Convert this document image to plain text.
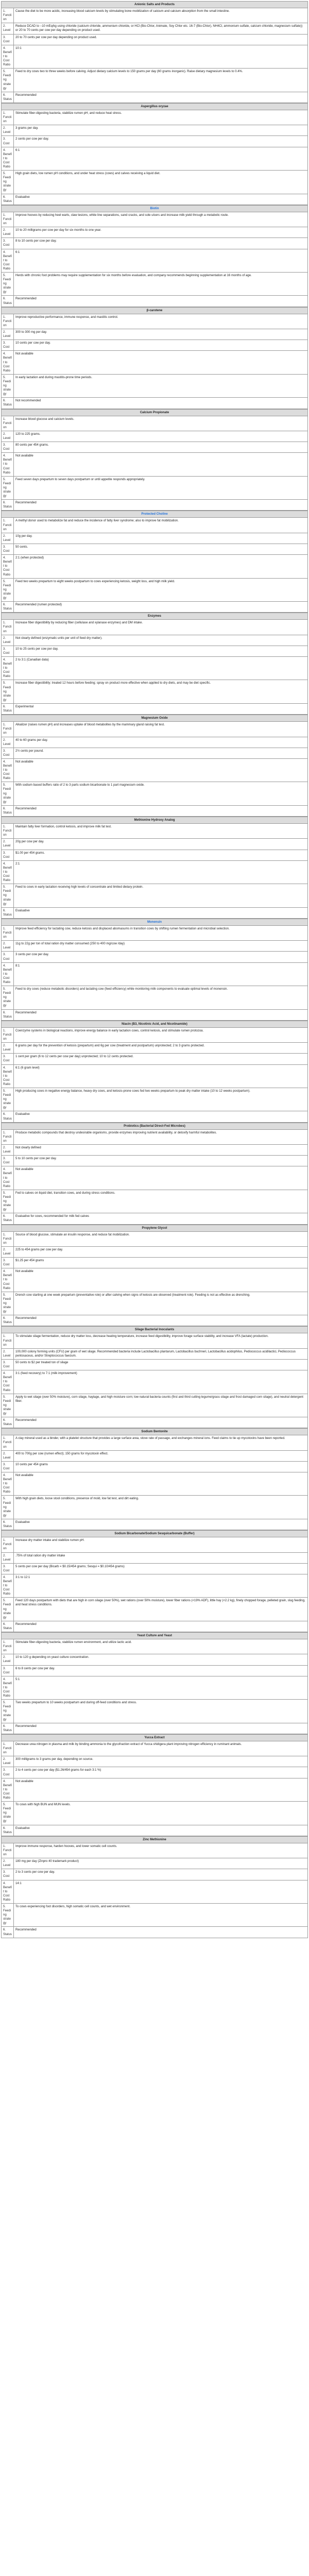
Anionic Salts and Products	
1. Function	Cause the diet to be more acidic, increasing blood calcium levels by stimulating bone mobilization of calcium and calcium absorption from the small intestine.
2. Level	Reduce DCAD to −10 mEq/kg using chloride (calcium chloride, ammonium chloride, or HCl (Bio-Chlor, Animate, Soy Chlor etc. 16-7 (Bio-Chlor), NH4Cl, ammonium sulfate, calcium chloride, magnesium sulfate)) or 20 to 70 cents per cow per day depending on product used.
3. Cost	20 to 70 cents per cow per day depending on product used.
4. Benefit to Cost Ratio	10:1
5. Feeding strategy	Feed to dry cows two to three weeks before calving. Adjust dietary calcium levels to 150 grams per day (60 grams inorganic). Raise dietary magnesium levels to 0.4%.
6. Status	Recommended
Aspergillus oryzae	
1. Function	Stimulate fiber-digesting bacteria, stabilize rumen pH, and reduce heat stress.
2. Level	3 grams per day.
3. Cost	2 cents per cow per day.
4. Benefit to Cost Ratio	6:1
5. Feeding strategy	High grain diets, low rumen pH conditions, and under heat stress (cows) and calves receiving a liquid diet.
6. Status	Evaluative
Biotin	
1. Function	Improve hooves by reducing heel warts, claw lesions, white line separations, sand cracks, and sole ulcers and increase milk yield through a metabolic route.
2. Level	10 to 20 milligrams per cow per day for six months to one year.
3. Cost	8 to 10 cents per cow per day.
4. Benefit to Cost Ratio	6:1
5. Feeding strategy	Herds with chronic foot problems may require supplementation for six months before evaluation, and company recommends beginning supplementation at 16 months of age.
6. Status	Recommended
β-carotene	
1. Function	Improve reproductive performance, immune response, and mastitis control.
2. Level	300 to 300 mg per day.
3. Cost	10 cents per cow per day.
4. Benefit to Cost Ratio	Not available
5. Feeding strategy	In early lactation and during mastitis-prone time periods.
6. Status	Not recommended
Calcium Propionate	
1. Function	Increase blood glucose and calcium levels.
2. Level	120 to 225 grams.
3. Cost	80 cents per 454 grams.
4. Benefit to Cost Ratio	Not available
5. Feeding strategy	Feed seven days prepartum to seven days postpartum or until appetite responds appropriately.
6. Status	Recommended
Protected Choline	
1. Function	A methyl donor used to metabolize fat and reduce the incidence of fatty liver syndrome; also to improve fat mobilization.
2. Level	10g per day.
3. Cost	50 cents.
4. Benefit to Cost Ratio	2:1 (when protected)
5. Feeding strategy	Feed two weeks prepartum to eight weeks postpartum to cows experiencing ketosis, weight loss, and high milk yield.
6. Status	Recommended (rumen protected)
Enzymes	
1. Function	Increase fiber digestibility by reducing fiber (cellulase and xylanase enzymes) and DM intake.
2. Level	Not clearly defined (enzymatic units per unit of feed dry matter).
3. Cost	10 to 25 cents per cow per day.
4. Benefit to Cost Ratio	2 to 3:1 (Canadian data)
5. Feeding strategy	Increase fiber digestibility; treated 12 hours before feeding; spray on product more effective when applied to dry diets, and may be diet specific.
6. Status	Experimental
Magnesium Oxide	
1. Function	Alkalizer (raises rumen pH) and increases uptake of blood metabolites by the mammary gland raising fat test.
2. Level	40 to 60 grams per day.
3. Cost	2½ cents per pound.
4. Benefit to Cost Ratio	Not available
5. Feeding strategy	With sodium based buffers ratio of 2 to 3 parts sodium bicarbonate to 1 part magnesium oxide.
6. Status	Recommended
Methionine Hydroxy Analog	
1. Function	Maintain fatty liver formation, control ketosis, and improve milk fat test.
2. Level	20g per cow per day.
3. Cost	$1.00 per 454 grams.
4. Benefit to Cost Ratio	2:1
5. Feeding strategy	Feed to cows in early lactation receiving high levels of concentrate and limited dietary protein.
6. Status	Evaluative
Monensin	
1. Function	Improve feed efficiency for lactating cow, reduce ketosis and displaced abomasums in transition cows by shifting rumen fermentation and microbial selection.
2. Level	11g to 22g per ton of total ration dry matter consumed (250 to 400 mg/cow /day)
3. Cost	3 cents per cow per day.
4. Benefit to Cost Ratio	8:1
5. Feeding strategy	Feed to dry cows (reduce metabolic disorders) and lactating cow (feed efficiency) while monitoring milk components to evaluate optimal levels of monensin.
6. Status	Recommended
Niacin (B3, Nicotinic Acid, and Nicotinamide)	
1. Function	Coenzyme systems in biological reactions, improve energy balance in early lactation cows, control ketosis, and stimulate rumen protozoa.
2. Level	6 grams per day for the prevention of ketosis (prepartum) and 6g per cow (treatment and postpartum) unprotected; 2 to 3 grams protected.
3. Cost	1 cent per gram (6 to 12 cents per cow per day) unprotected; 10 to 12 cents protected.
4. Benefit to Cost Ratio	6:1 (6 gram level)
5. Feeding strategy	High producing cows in negative energy balance, heavy dry cows, and ketosis-prone cows fed two weeks prepartum to peak dry matter intake (10 to 12 weeks postpartum).
6. Status	Evaluative
Probiotics (Bacterial Direct-Fed Microbes)	
1. Function	Produce metabolic compounds that destroy undesirable organisms, provide enzymes improving nutrient availability, or detoxify harmful metabolites.
2. Level	Not clearly defined
3. Cost	5 to 10 cents per cow per day.
4. Benefit to Cost Ratio	Not available
5. Feeding strategy	Fed to calves on liquid diet, transition cows, and during stress conditions.
6. Status	Evaluative for cows, recommended for milk fed calves
Propylene Glycol	
1. Function	Source of blood glucose, stimulate an insulin response, and reduce fat mobilization.
2. Level	225 to 454 grams per cow per day.
3. Cost	$1.25 per 454 grams
4. Benefit to Cost Ratio	Not available
5. Feeding strategy	Drench cow starting at one week prepartum (preventative role) or after calving when signs of ketosis are observed (treatment role). Feeding is not as effective as drenching.
6. Status	Recommended
Silage Bacterial Inoculants	
1. Function	To stimulate silage fermentation, reduce dry matter loss, decrease heating temperature, increase feed digestibility, improve forage surface stability, and increase VFA (lactate) production.
2. Level	100,000 colony forming units (CFU) per gram of wet silage. Recommended bacteria include Lactobacillus plantarum, Lactobacillus buchneri, Lactobacillus acidophilus, Pediococcus acidilactici, Pediococcus pentosaceus, and/or Streptococcus faecium.
3. Cost	50 cents to $2 per treated ton of silage
4. Benefit to Cost Ratio	3:1 (feed recovery) to 7:1 (milk improvement)
5. Feeding strategy	Apply to wet silage (over 50% moisture), corn silage, haylage, and high moisture corn; low natural bacteria counts (first and third cutting legume/grass silage and frost damaged corn silage), and neutral detergent fiber.
6. Status	Recommended
Sodium Bentonite	
1. Function	A clay mineral used as a binder, with a platelet structure that provides a large surface area, stove rate of passage, and exchanges mineral ions. Feed claims to tie up mycotoxins have been reported.
2. Level	400 to 700g per cow (rumen effect); 150 grams for mycotoxin effect.
3. Cost	10 cents per 454 grams
4. Benefit to Cost Ratio	Not available
5. Feeding strategy	With high grain diets, loose stool conditions, presence of mold, low fat test, and dirt eating.
6. Status	Evaluative
Sodium Bicarbonate/Sodium Sesquicarbonate (Buffer)	
1. Function	Increase dry matter intake and stabilize rumen pH.
2. Level	.75% of total ration dry matter intake
3. Cost	5 cents per cow per day (Bicarb = $0.15/454 grams; Sesqui = $0.10/454 grams)
4. Benefit to Cost Ratio	3:1 to 12:1
5. Feeding strategy	Feed 120 days postpartum with diets that are high in corn silage (over 50%), wet rations (over 50% moisture), lower fiber rations (<19% ADF), little hay (<2.2 kg), finely chopped forage, pelleted grain, slug feeding, and heat stress conditions.
6. Status	Recommended
Yeast Culture and Yeast	
1. Function	Stimulate fiber-digesting bacteria, stabilize rumen environment, and utilize lactic acid.
2. Level	10 to 120 g depending on yeast culture concentration.
3. Cost	6 to 8 cents per cow per day.
4. Benefit to Cost Ratio	5:1
5. Feeding strategy	Two weeks prepartum to 10 weeks postpartum and during off-feed conditions and stress.
6. Status	Recommended
Yucca Extract	
1. Function	Decrease urea nitrogen in plasma and milk by binding ammonia to the glycofraction extract of Yucca shidigera plant improving nitrogen efficiency in ruminant animals.
2. Level	300 milligrams to 3 grams per day, depending on source.
3. Cost	2 to 4 cents per cow per day ($1.26/454 grams for each 3:1 %)
4. Benefit to Cost Ratio	Not available
5. Feeding strategy	To cows with high BUN and MUN levels.
6. Status	Evaluative
Zinc Methionine	
1. Function	Improve immune response, harden hooves, and lower somatic cell counts.
2. Level	180 mg per day (Zinpro 40 trademark product)
3. Cost	2 to 3 cents per cow per day.
4. Benefit to Cost Ratio	14:1
5. Feeding strategy	To cows experiencing foot disorders, high somatic cell counts, and wet environment.
6. Status	Recommended
